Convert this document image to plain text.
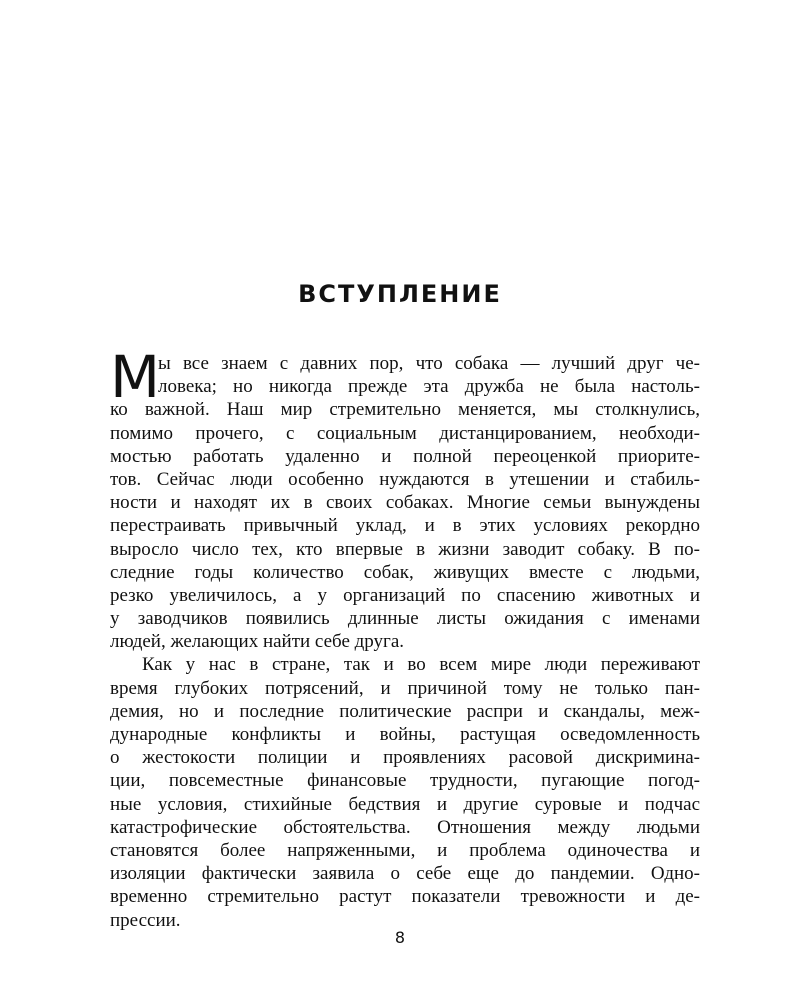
ВСТУПЛЕНИЕ
М
ы все знаем с давних пор, что собака — лучший друг че-
ловека; но никогда прежде эта дружба не была настоль-
ко важной. Наш мир стремительно меняется, мы столкнулись,
помимо прочего, с социальным дистанцированием, необходи-
мостью работать удаленно и полной переоценкой приорите-
тов. Сейчас люди особенно нуждаются в утешении и стабиль-
ности и находят их в своих собаках. Многие семьи вынуждены
перестраивать привычный уклад, и в этих условиях рекордно
выросло число тех, кто впервые в жизни заводит собаку. В по-
следние годы количество собак, живущих вместе с людьми,
резко увеличилось, а у организаций по спасению животных и
у заводчиков появились длинные листы ожидания с именами
людей, желающих найти себе друга.
Как у нас в стране, так и во всем мире люди переживают
время глубоких потрясений, и причиной тому не только пан-
демия, но и последние политические распри и скандалы, меж-
дународные конфликты и войны, растущая осведомленность
о жестокости полиции и проявлениях расовой дискримина-
ции, повсеместные финансовые трудности, пугающие погод-
ные условия, стихийные бедствия и другие суровые и подчас
катастрофические обстоятельства. Отношения между людьми
становятся более напряженными, и проблема одиночества и
изоляции фактически заявила о себе еще до пандемии. Одно-
временно стремительно растут показатели тревожности и де-
прессии.
8
